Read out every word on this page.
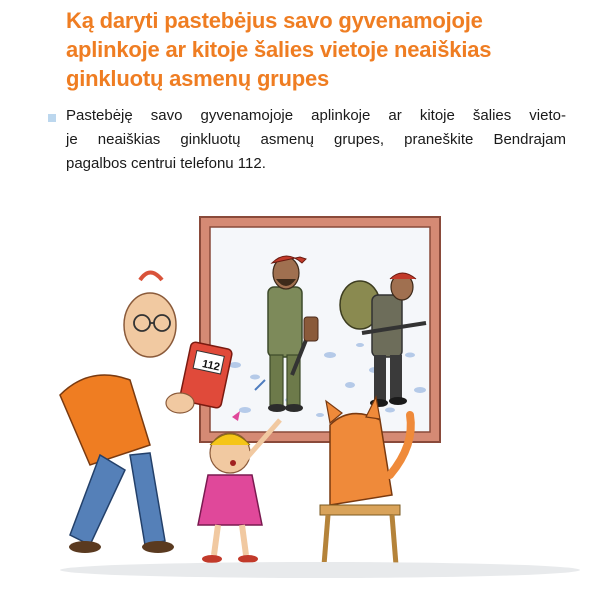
Ką daryti pastebėjus savo gyvenamojoje
aplinkoje ar kitoje šalies vietoje neaiškias
ginkluotų asmenų grupes
Pastebėję savo gyvenamojoje aplinkoje ar kitoje šalies vieto-
je neaiškias ginkluotų asmenų grupes, praneškite Bendrajam
pagalbos centrui telefonu 112.
112
